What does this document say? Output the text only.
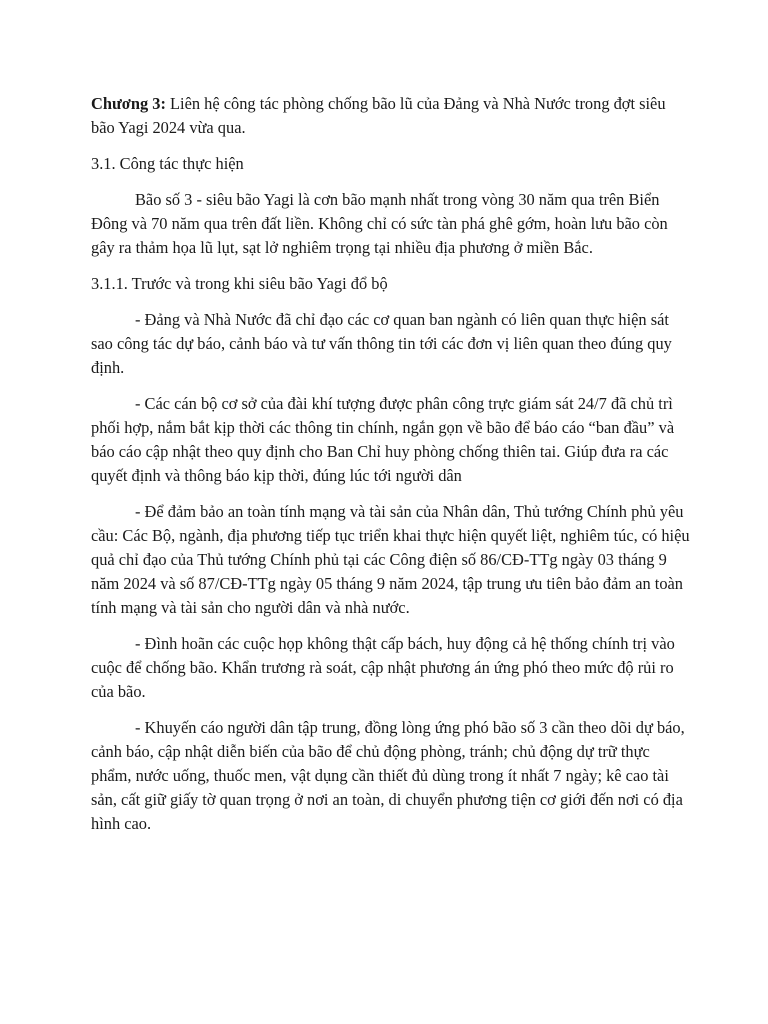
Chương 3: Liên hệ công tác phòng chống bão lũ của Đảng và Nhà Nước trong đợt siêu bão Yagi 2024 vừa qua.

3.1. Công tác thực hiện

Bão số 3 - siêu bão Yagi là cơn bão mạnh nhất trong vòng 30 năm qua trên Biển Đông và 70 năm qua trên đất liền. Không chỉ có sức tàn phá ghê gớm, hoàn lưu bão còn gây ra thảm họa lũ lụt, sạt lở nghiêm trọng tại nhiều địa phương ở miền Bắc.

3.1.1. Trước và trong khi siêu bão Yagi đổ bộ

- Đảng và Nhà Nước đã chỉ đạo các cơ quan ban ngành có liên quan thực hiện sát sao công tác dự báo, cảnh báo và tư vấn thông tin tới các đơn vị liên quan theo đúng quy định.

- Các cán bộ cơ sở của đài khí tượng được phân công trực giám sát 24/7 đã chủ trì phối hợp, nắm bắt kịp thời các thông tin chính, ngắn gọn về bão để báo cáo “ban đầu” và báo cáo cập nhật theo quy định cho Ban Chỉ huy phòng chống thiên tai. Giúp đưa ra các quyết định và thông báo kịp thời, đúng lúc tới người dân

- Để đảm bảo an toàn tính mạng và tài sản của Nhân dân, Thủ tướng Chính phủ yêu cầu: Các Bộ, ngành, địa phương tiếp tục triển khai thực hiện quyết liệt, nghiêm túc, có hiệu quả chỉ đạo của Thủ tướng Chính phủ tại các Công điện số 86/CĐ-TTg ngày 03 tháng 9 năm 2024 và số 87/CĐ-TTg ngày 05 tháng 9 năm 2024, tập trung ưu tiên bảo đảm an toàn tính mạng và tài sản cho người dân và nhà nước.

- Đình hoãn các cuộc họp không thật cấp bách, huy động cả hệ thống chính trị vào cuộc để chống bão. Khẩn trương rà soát, cập nhật phương án ứng phó theo mức độ rủi ro của bão.

- Khuyến cáo người dân tập trung, đồng lòng ứng phó bão số 3 cần theo dõi dự báo, cảnh báo, cập nhật diễn biến của bão để chủ động phòng, tránh; chủ động dự trữ thực phẩm, nước uống, thuốc men, vật dụng cần thiết đủ dùng trong ít nhất 7 ngày; kê cao tài sản, cất giữ giấy tờ quan trọng ở nơi an toàn, di chuyển phương tiện cơ giới đến nơi có địa hình cao.
